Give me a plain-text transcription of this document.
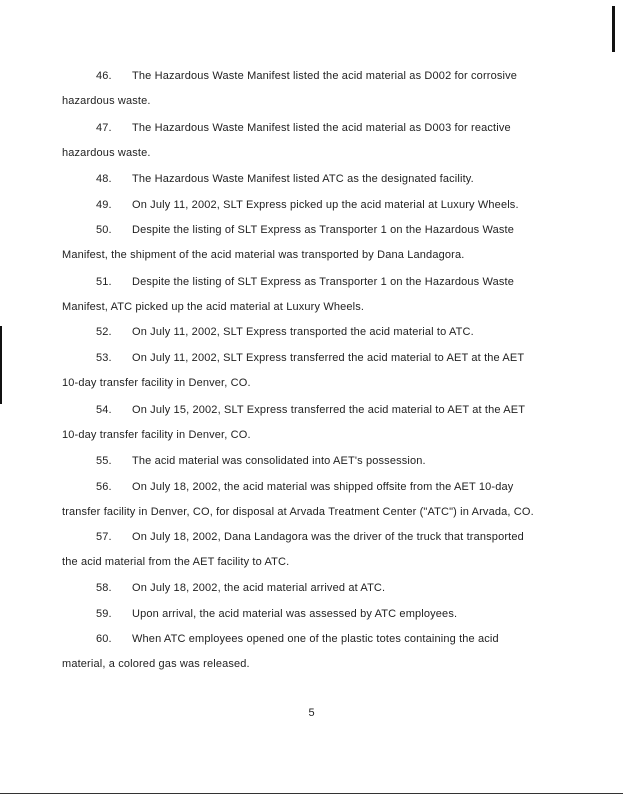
46. The Hazardous Waste Manifest listed the acid material as D002 for corrosive
hazardous waste.
47. The Hazardous Waste Manifest listed the acid material as D003 for reactive
hazardous waste.
48. The Hazardous Waste Manifest listed ATC as the designated facility.
49. On July 11, 2002, SLT Express picked up the acid material at Luxury Wheels.
50. Despite the listing of SLT Express as Transporter 1 on the Hazardous Waste
Manifest, the shipment of the acid material was transported by Dana Landagora.
51. Despite the listing of SLT Express as Transporter 1 on the Hazardous Waste
Manifest, ATC picked up the acid material at Luxury Wheels.
52. On July 11, 2002, SLT Express transported the acid material to ATC.
53. On July 11, 2002, SLT Express transferred the acid material to AET at the AET
10-day transfer facility in Denver, CO.
54. On July 15, 2002, SLT Express transferred the acid material to AET at the AET
10-day transfer facility in Denver, CO.
55. The acid material was consolidated into AET's possession.
56. On July 18, 2002, the acid material was shipped offsite from the AET 10-day
transfer facility in Denver, CO, for disposal at Arvada Treatment Center ("ATC") in Arvada, CO.
57. On July 18, 2002, Dana Landagora was the driver of the truck that transported
the acid material from the AET facility to ATC.
58. On July 18, 2002, the acid material arrived at ATC.
59. Upon arrival, the acid material was assessed by ATC employees.
60. When ATC employees opened one of the plastic totes containing the acid
material, a colored gas was released.
5
